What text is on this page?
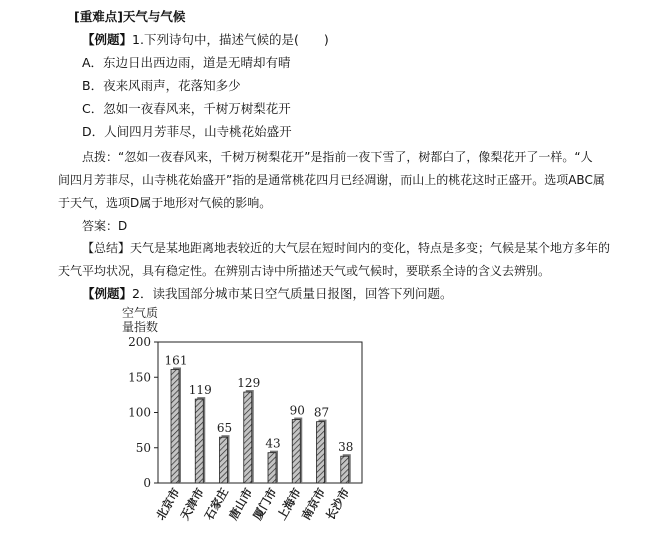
[重难点]天气与气候
【例题】1.下列诗句中，描述气候的是(　　)
A．东边日出西边雨，道是无晴却有晴
B．夜来风雨声，花落知多少
C．忽如一夜春风来，千树万树梨花开
D．人间四月芳菲尽，山寺桃花始盛开
点拨：“忽如一夜春风来，千树万树梨花开”是指前一夜下雪了，树都白了，像梨花开了一样。“人
间四月芳菲尽，山寺桃花始盛开”指的是通常桃花四月已经凋谢，而山上的桃花这时正盛开。选项ABC属
于天气，选项D属于地形对气候的影响。
答案：D
【总结】天气是某地距离地表较近的大气层在短时间内的变化，特点是多变；气候是某个地方多年的
天气平均状况，具有稳定性。在辨别古诗中所描述天气或气候时，要联系全诗的含义去辨别。
【例题】2．读我国部分城市某日空气质量日报图，回答下列问题。
空气质
量指数
0
50
100
150
200
161
北京市
119
天津市
65
石家庄
129
唐山市
43
厦门市
90
上海市
87
南京市
38
长沙市
